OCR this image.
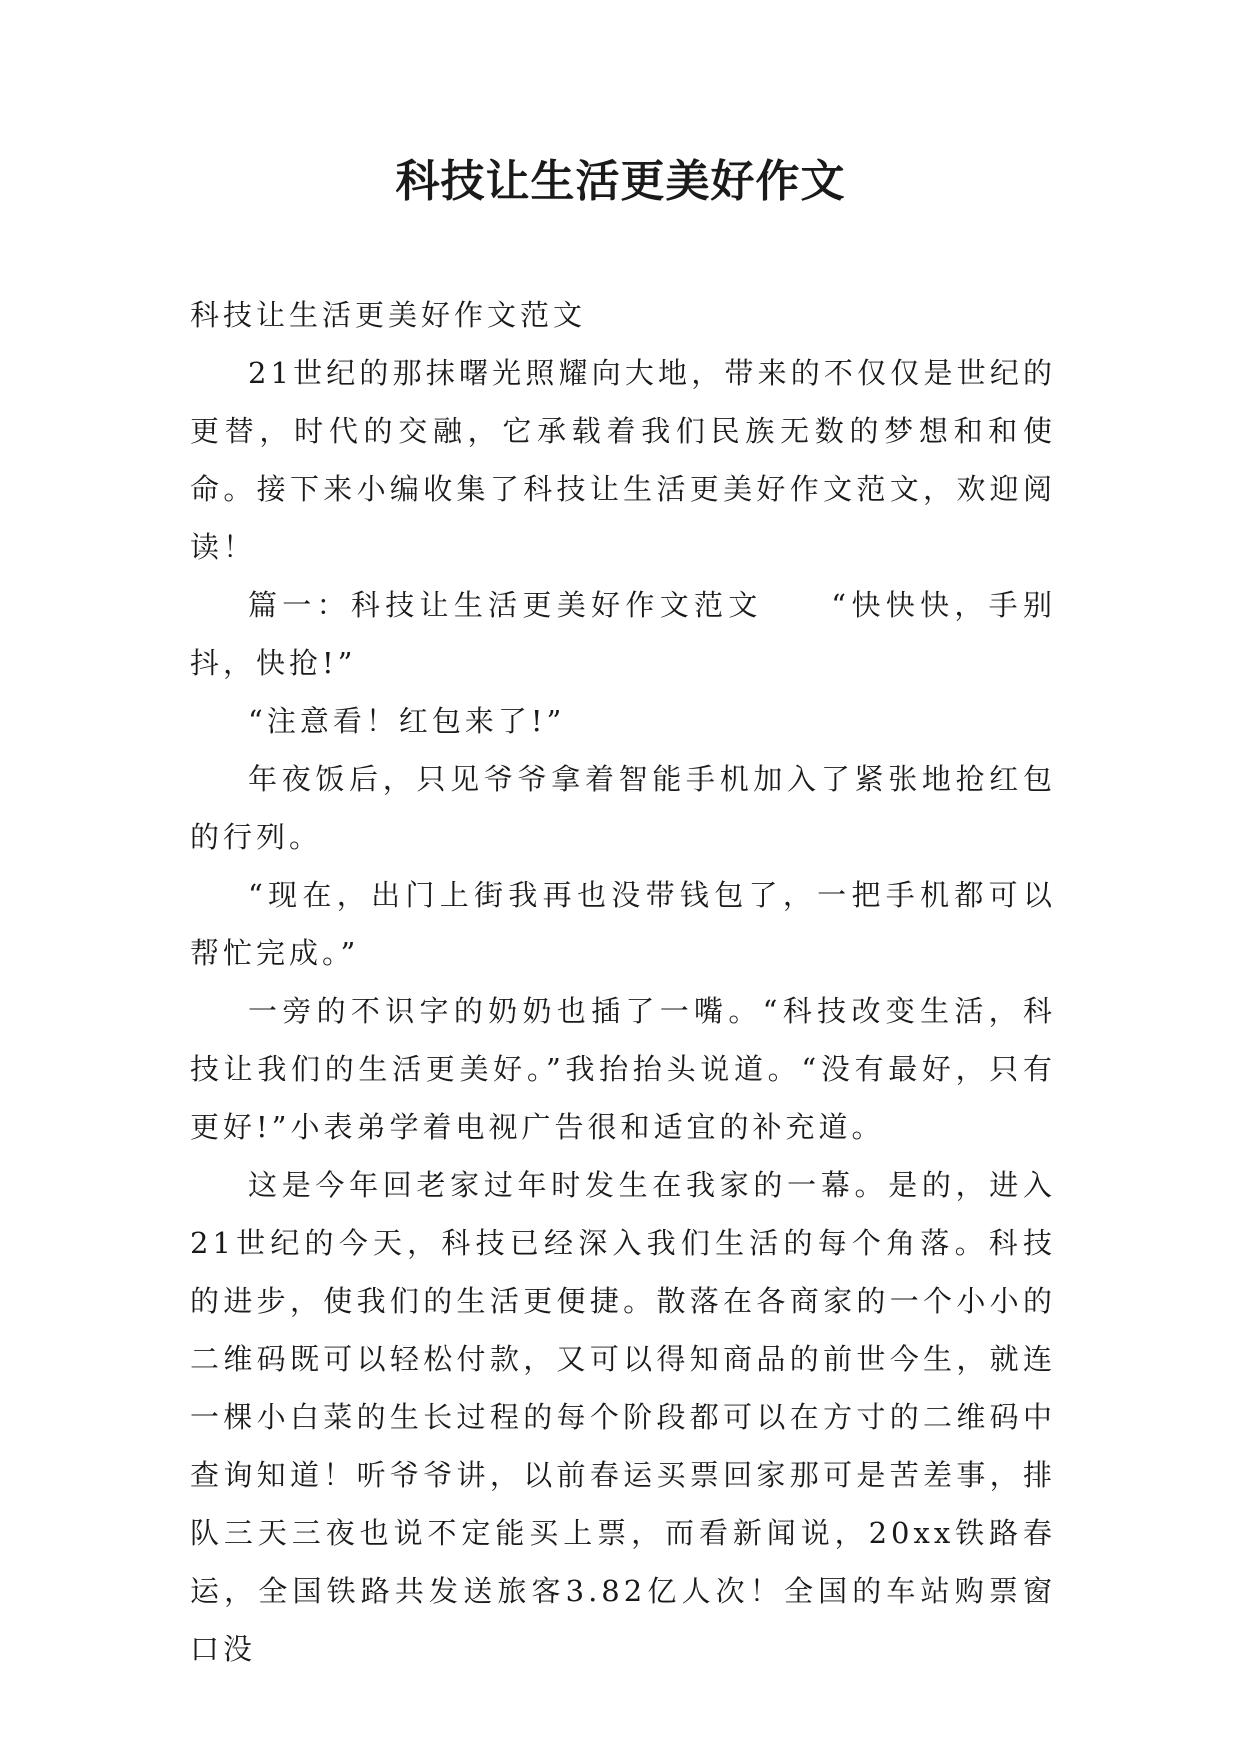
科技让生活更美好作文

科技让生活更美好作文范文

21世纪的那抹曙光照耀向大地，带来的不仅仅是世纪的更替，时代的交融，它承载着我们民族无数的梦想和和使命。接下来小编收集了科技让生活更美好作文范文，欢迎阅读！

篇一：科技让生活更美好作文范文　　“快快快，手别抖，快抢!”

“注意看！红包来了!”

年夜饭后，只见爷爷拿着智能手机加入了紧张地抢红包的行列。

“现在，出门上街我再也没带钱包了，一把手机都可以帮忙完成。”

一旁的不识字的奶奶也插了一嘴。“科技改变生活，科技让我们的生活更美好。”我抬抬头说道。“没有最好，只有更好!”小表弟学着电视广告很和适宜的补充道。

这是今年回老家过年时发生在我家的一幕。是的，进入21世纪的今天，科技已经深入我们生活的每个角落。科技的进步，使我们的生活更便捷。散落在各商家的一个小小的二维码既可以轻松付款，又可以得知商品的前世今生，就连一棵小白菜的生长过程的每个阶段都可以在方寸的二维码中查询知道！听爷爷讲，以前春运买票回家那可是苦差事，排队三天三夜也说不定能买上票，而看新闻说，20xx铁路春运，全国铁路共发送旅客3.82亿人次！全国的车站购票窗口没
